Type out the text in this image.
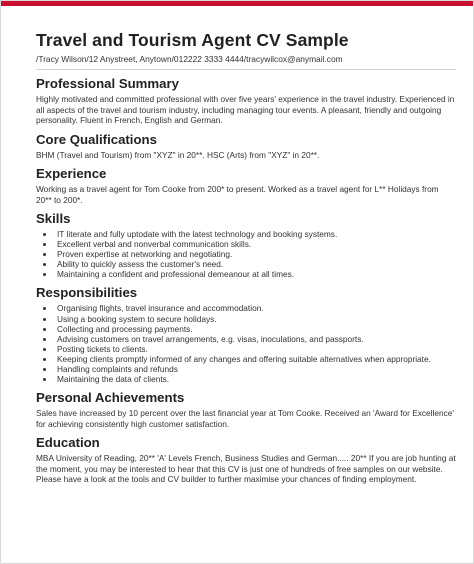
Travel and Tourism Agent CV Sample
/Tracy Wilson/12 Anystreet, Anytown/012222 3333 4444/tracywilcox@anymail.com
Professional Summary

Highly motivated and committed professional with over five years' experience in the travel industry. Experienced in all aspects of the travel and tourism industry, including managing tour events. A pleasant, friendly and outgoing personality. Fluent in French, English and German.

Core Qualifications

BHM (Travel and Tourism) from "XYZ" in 20**. HSC (Arts) from "XYZ" in 20**.

Experience

Working as a travel agent for Tom Cooke from 200* to present. Worked as a travel agent for L** Holidays from 20** to 200*.

Skills
• IT literate and fully uptodate with the latest technology and booking systems.
• Excellent verbal and nonverbal communication skills.
• Proven expertise at networking and negotiating.
• Ability to quickly assess the customer's need.
• Maintaining a confident and professional demeanour at all times.
Responsibilities
• Organising flights, travel insurance and accommodation.
• Using a booking system to secure holidays.
• Collecting and processing payments.
• Advising customers on travel arrangements, e.g. visas, inoculations, and passports.
• Posting tickets to clients.
• Keeping clients promptly informed of any changes and offering suitable alternatives when appropriate.
• Handling complaints and refunds
• Maintaining the data of clients.
Personal Achievements

Sales have increased by 10 percent over the last financial year at Tom Cooke. Received an 'Award for Excellence' for achieving consistently high customer satisfaction.

Education

MBA University of Reading, 20** 'A' Levels French, Business Studies and German..... 20** If you are job hunting at the moment, you may be interested to hear that this CV is just one of hundreds of free samples on our website. Please have a look at the tools and CV builder to further maximise your chances of finding employment.
